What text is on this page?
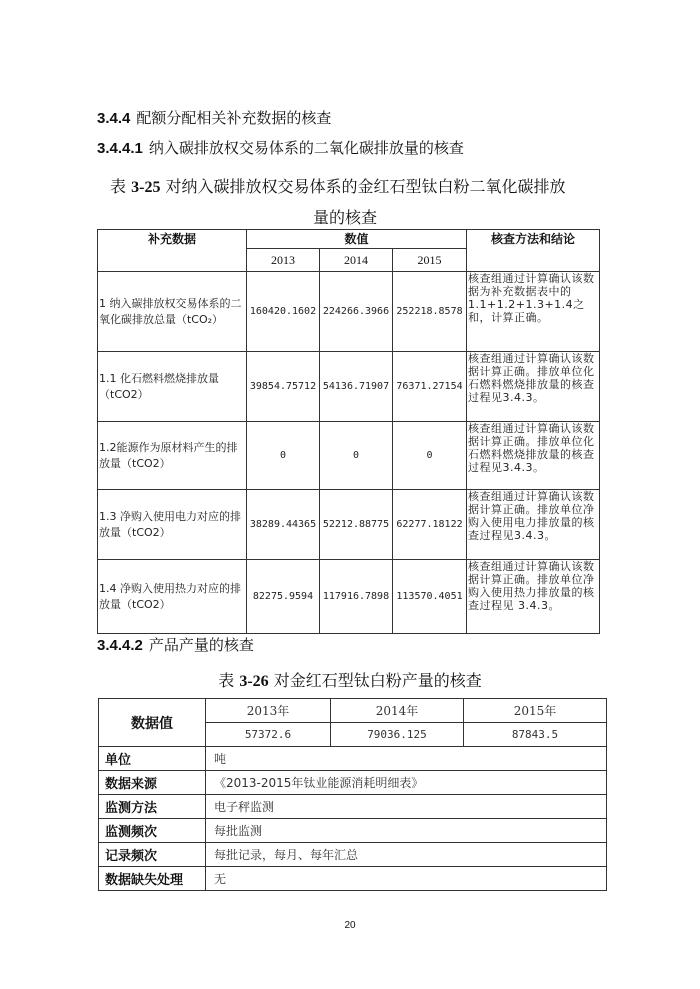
3.4.4 配额分配相关补充数据的核查
3.4.4.1 纳入碳排放权交易体系的二氧化碳排放量的核查
表 3-25 对纳入碳排放权交易体系的金红石型钛白粉二氧化碳排放
量的核查
补充数据	数值			核查方法和结论
	2013	2014	2015	
1 纳入碳排放权交易体系的二氧化碳排放总量（tCO₂）	160420.1602	224266.3966	252218.8578	核查组通过计算确认该数据为补充数据表中的 1.1+1.2+1.3+1.4之和，计算正确。
1.1 化石燃料燃烧排放量（tCO2）	39854.75712	54136.71907	76371.27154	核查组通过计算确认该数据计算正确。排放单位化石燃料燃烧排放量的核查过程见3.4.3。
1.2能源作为原材料产生的排放量（tCO2）	0	0	0	核查组通过计算确认该数据计算正确。排放单位化石燃料燃烧排放量的核查过程见3.4.3。
1.3 净购入使用电力对应的排放量（tCO2）	38289.44365	52212.88775	62277.18122	核查组通过计算确认该数据计算正确。排放单位净购入使用电力排放量的核查过程见3.4.3。
1.4 净购入使用热力对应的排放量（tCO2）	82275.9594	117916.7898	113570.4051	核查组通过计算确认该数据计算正确。排放单位净购入使用热力排放量的核查过程见 3.4.3。
3.4.4.2 产品产量的核查
表 3-26 对金红石型钛白粉产量的核查
数据值	2013年	2014年	2015年
	57372.6	79036.125	87843.5
单位	吨		
数据来源	《2013-2015年钛业能源消耗明细表》		
监测方法	电子秤监测		
监测频次	每批监测		
记录频次	每批记录，每月、每年汇总		
数据缺失处理	无		
20
